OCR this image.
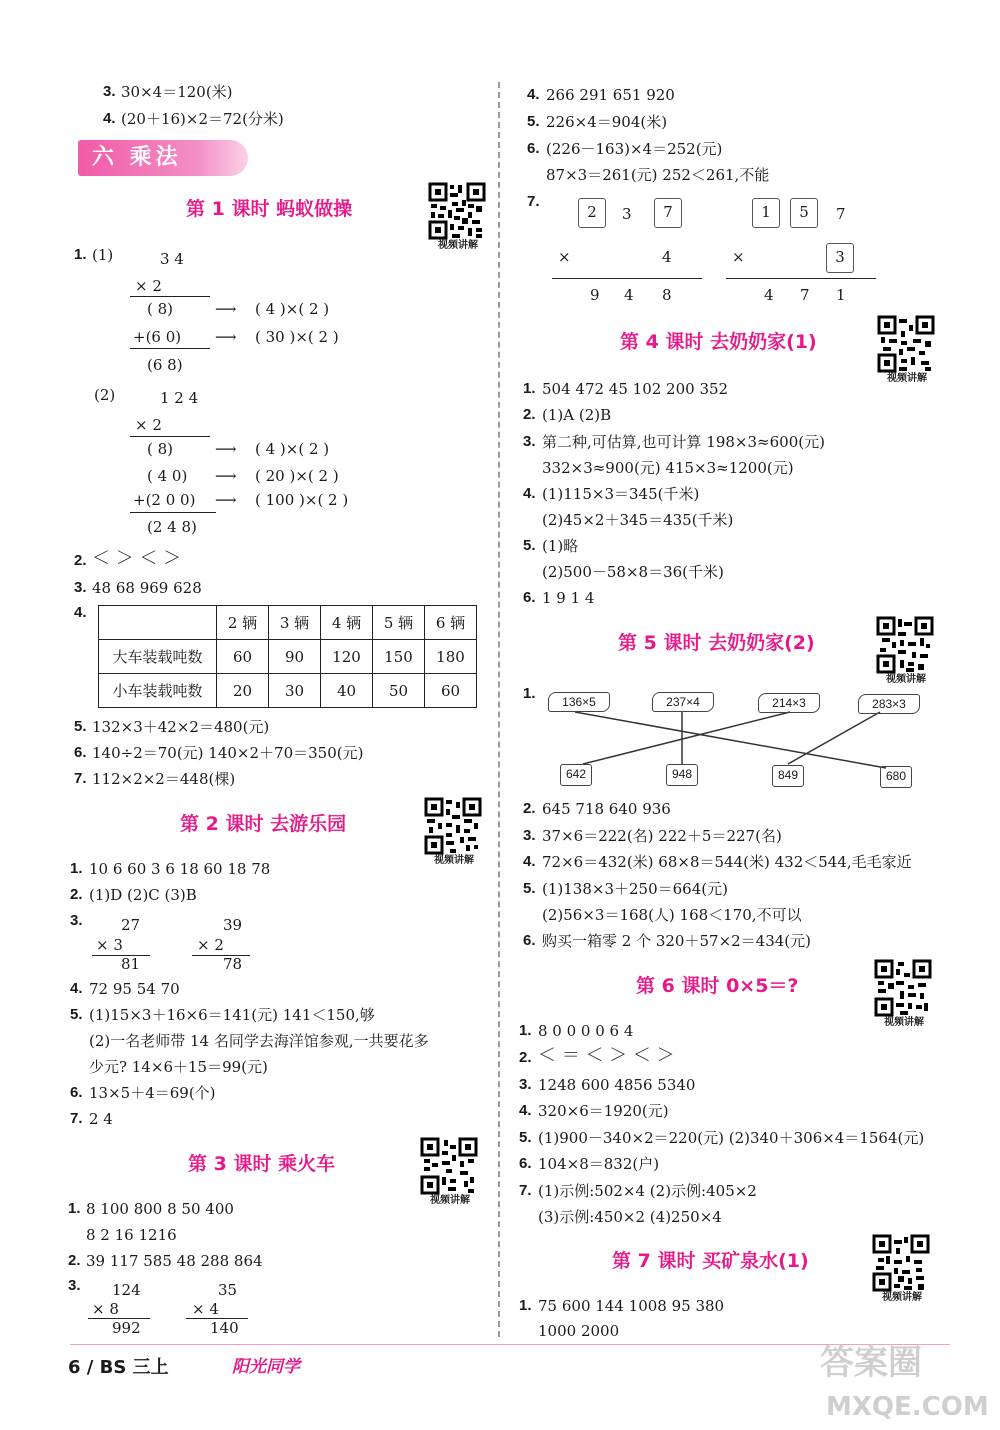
3. 30×4＝120(米)
4. (20＋16)×2＝72(分米)
六 乘法
第 1 课时 蚂蚁做操
视频讲解
1. (1)	3 4
× 2
( 8)	⟶ ( 4 )×( 2 )
+(6 0) ⟶ ( 30 )×( 2 )
(6 8)
(2)	1 2 4
× 2
( 8)	⟶ ( 4 )×( 2 )
( 4 0) ⟶ ( 20 )×( 2 )
+(2 0 0) ⟶ ( 100 )×( 2 )
(2 4 8)
2. ＜ ＞ ＜ ＞
3. 48 68 969 628
4.
	2 辆	3 辆	4 辆	5 辆	6 辆
大车装载吨数	60	90	120	150	180
小车装载吨数	20	30	40	50	60
5. 132×3＋42×2＝480(元)
6. 140÷2＝70(元) 140×2＋70＝350(元)
7. 112×2×2＝448(棵)
第 2 课时 去游乐园
视频讲解
1. 10 6 60 3 6 18 60 18 78
2. (1)D (2)C (3)B
3.	27
× 3
81
39
× 2
78
4. 72 95 54 70
5. (1)15×3＋16×6＝141(元) 141＜150,够
(2)一名老师带 14 名同学去海洋馆参观,一共要花多
少元? 14×6＋15＝99(元)
6. 13×5＋4＝69(个)
7. 2 4
第 3 课时 乘火车
视频讲解
1. 8 100 800 8 50 400
8 2 16 1216
2. 39 117 585 48 288 864
3. 124
× 8
992
35
× 4
140
4. 266 291 651 920
5. 226×4＝904(米)
6. (226－163)×4＝252(元)
87×3＝261(元) 252＜261,不能
7.
2	3	7
×	4
9 4 8
1	5	7
×	3
4 7 1
第 4 课时 去奶奶家(1)
视频讲解
1. 504 472 45 102 200 352
2. (1)A (2)B
3. 第二种,可估算,也可计算 198×3≈600(元)
332×3≈900(元) 415×3≈1200(元)
4. (1)115×3＝345(千米)
(2)45×2＋345＝435(千米)
5. (1)略
(2)500－58×8＝36(千米)
6. 1 9 1 4
第 5 课时 去奶奶家(2)
视频讲解
1.	136×5	237×4	214×3	283×3
642	948	849	680
2. 645 718 640 936
3. 37×6＝222(名) 222＋5＝227(名)
4. 72×6＝432(米) 68×8＝544(米) 432＜544,毛毛家近
5. (1)138×3＋250＝664(元)
(2)56×3＝168(人) 168＜170,不可以
6. 购买一箱零 2 个 320＋57×2＝434(元)
第 6 课时 0×5＝?
视频讲解
1. 8 0 0 0 0 6 4
2. ＜ ＝ ＜ ＞ ＜ ＞
3. 1248 600 4856 5340
4. 320×6＝1920(元)
5. (1)900－340×2＝220(元) (2)340＋306×4＝1564(元)
6. 104×8＝832(户)
7. (1)示例:502×4 (2)示例:405×2
(3)示例:450×2 (4)250×4
第 7 课时 买矿泉水(1)
视频讲解
1. 75 600 144 1008 95 380
1000 2000
6 / BS 三上	阳光同学	答案圈
MXQE.COM
